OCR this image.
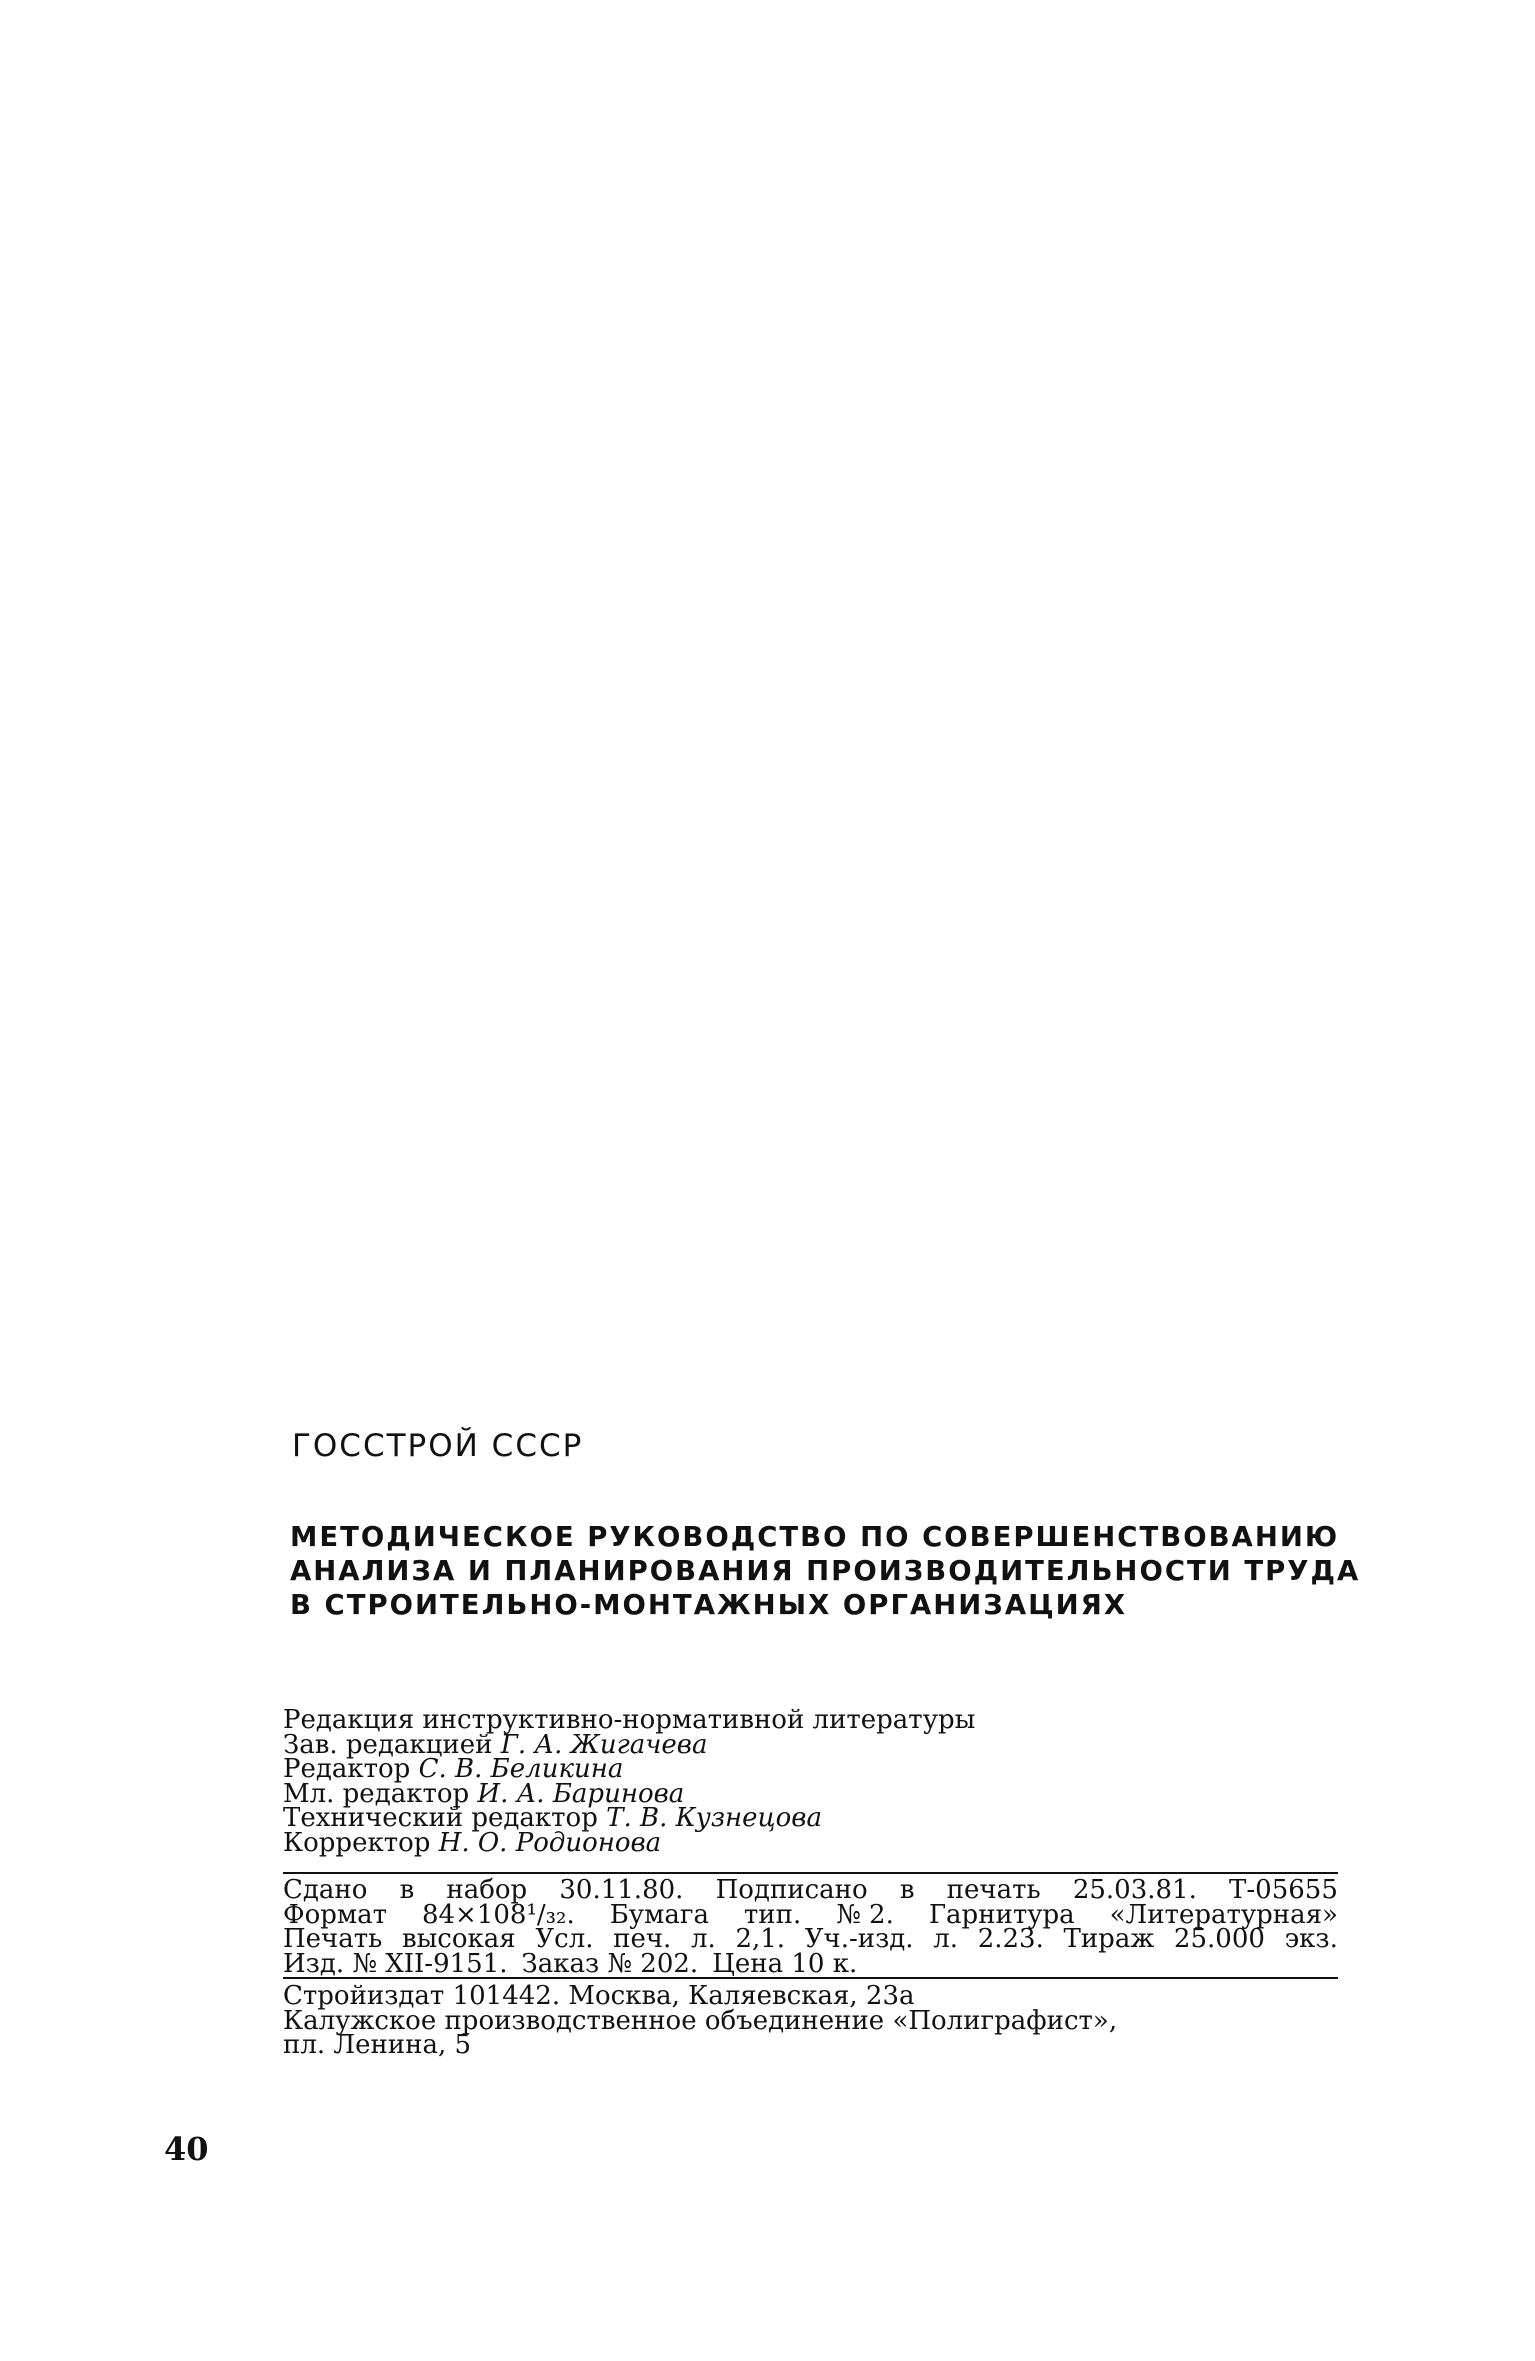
ГОССТРОЙ СССР
МЕТОДИЧЕСКОЕ РУКОВОДСТВО ПО СОВЕРШЕНСТВОВАНИЮ
АНАЛИЗА И ПЛАНИРОВАНИЯ ПРОИЗВОДИТЕЛЬНОСТИ ТРУДА
В СТРОИТЕЛЬНО-МОНТАЖНЫХ ОРГАНИЗАЦИЯХ
Редакция инструктивно-нормативной литературы
Зав. редакцией Г. А. Жигачева
Редактор С. В. Беликина
Мл. редактор И. А. Баринова
Технический редактор Т. В. Кузнецова
Корректор Н. О. Родионова
Сдано в набор 30.11.80. Подписано в печать 25.03.81. Т-05655
Формат 84×108¹/₃₂. Бумага тип. № 2. Гарнитура «Литературная»
Печать высокая Усл. печ. л. 2,1. Уч.-изд. л. 2.23. Тираж 25.000 экз.
Изд. № XII-9151. Заказ № 202. Цена 10 к.
Стройиздат 101442. Москва, Каляевская, 23а
Калужское производственное объединение «Полиграфист»,
пл. Ленина, 5
40
